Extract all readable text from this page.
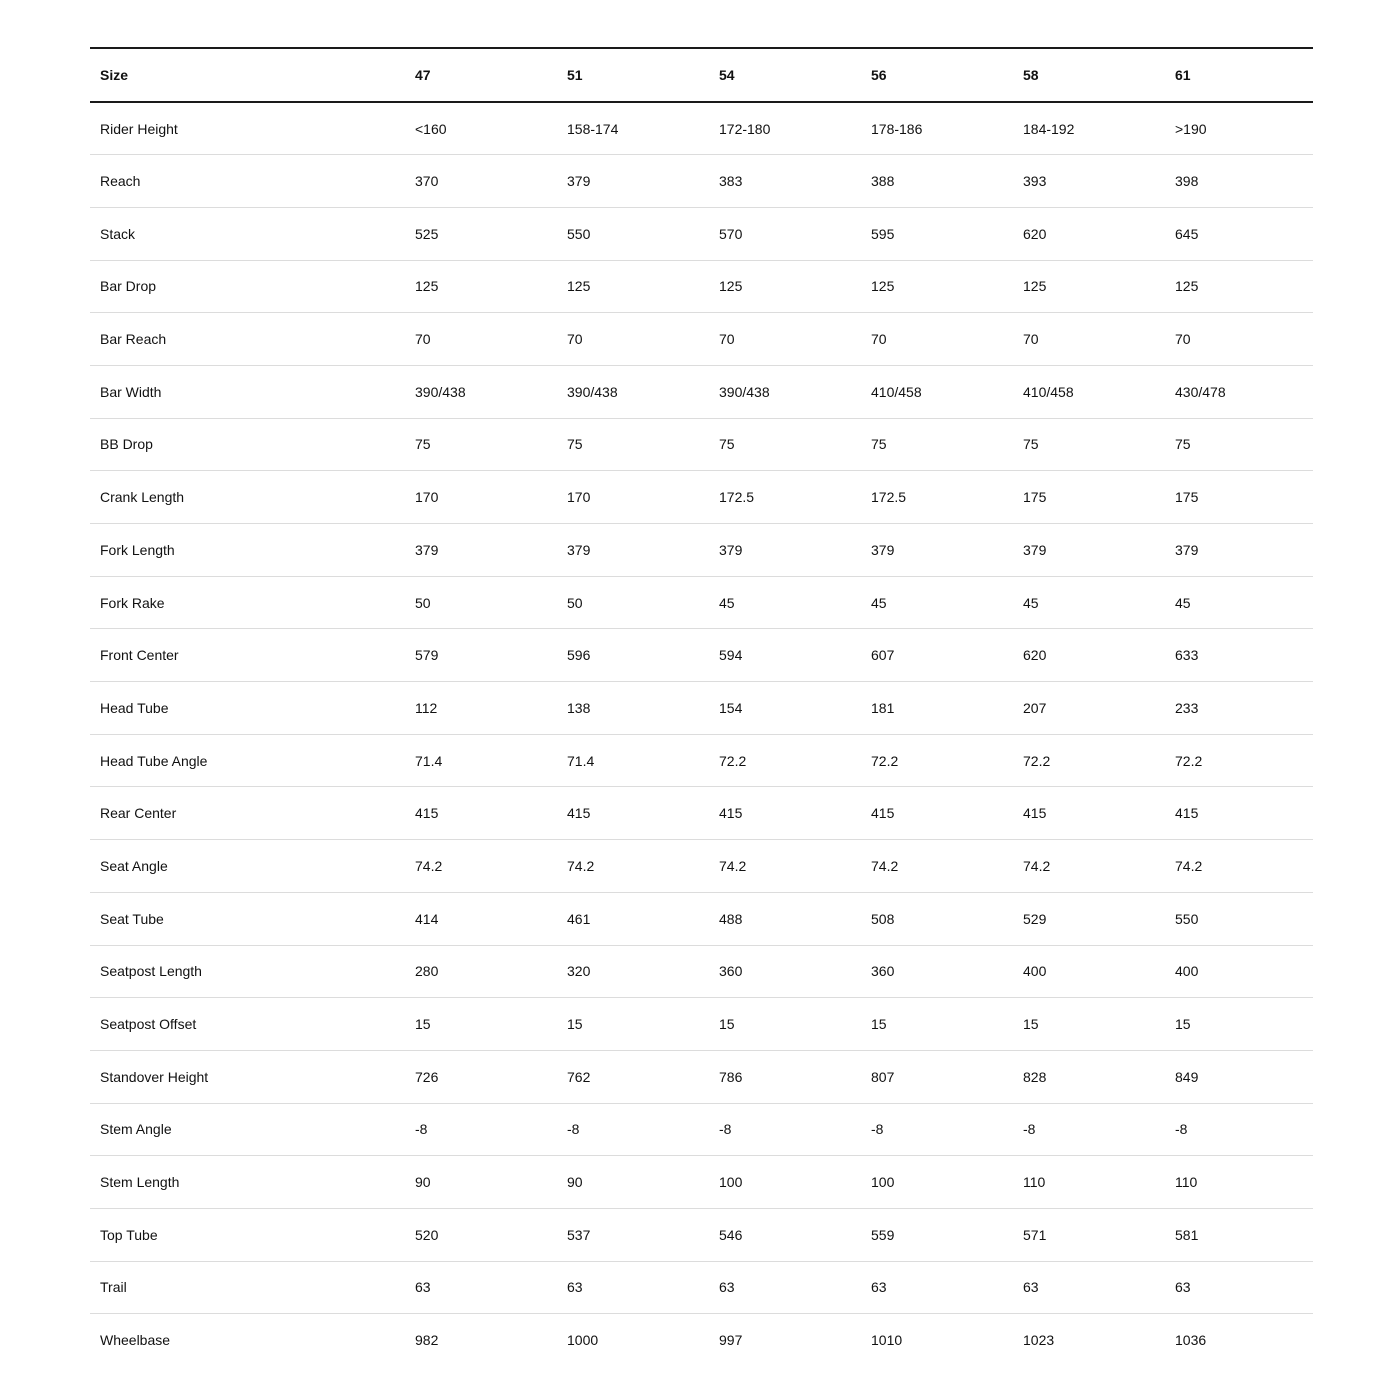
Size	47	51	54	56	58	61
Rider Height	<160	158-174	172-180	178-186	184-192	>190
Reach	370	379	383	388	393	398
Stack	525	550	570	595	620	645
Bar Drop	125	125	125	125	125	125
Bar Reach	70	70	70	70	70	70
Bar Width	390/438	390/438	390/438	410/458	410/458	430/478
BB Drop	75	75	75	75	75	75
Crank Length	170	170	172.5	172.5	175	175
Fork Length	379	379	379	379	379	379
Fork Rake	50	50	45	45	45	45
Front Center	579	596	594	607	620	633
Head Tube	112	138	154	181	207	233
Head Tube Angle	71.4	71.4	72.2	72.2	72.2	72.2
Rear Center	415	415	415	415	415	415
Seat Angle	74.2	74.2	74.2	74.2	74.2	74.2
Seat Tube	414	461	488	508	529	550
Seatpost Length	280	320	360	360	400	400
Seatpost Offset	15	15	15	15	15	15
Standover Height	726	762	786	807	828	849
Stem Angle	-8	-8	-8	-8	-8	-8
Stem Length	90	90	100	100	110	110
Top Tube	520	537	546	559	571	581
Trail	63	63	63	63	63	63
Wheelbase	982	1000	997	1010	1023	1036
